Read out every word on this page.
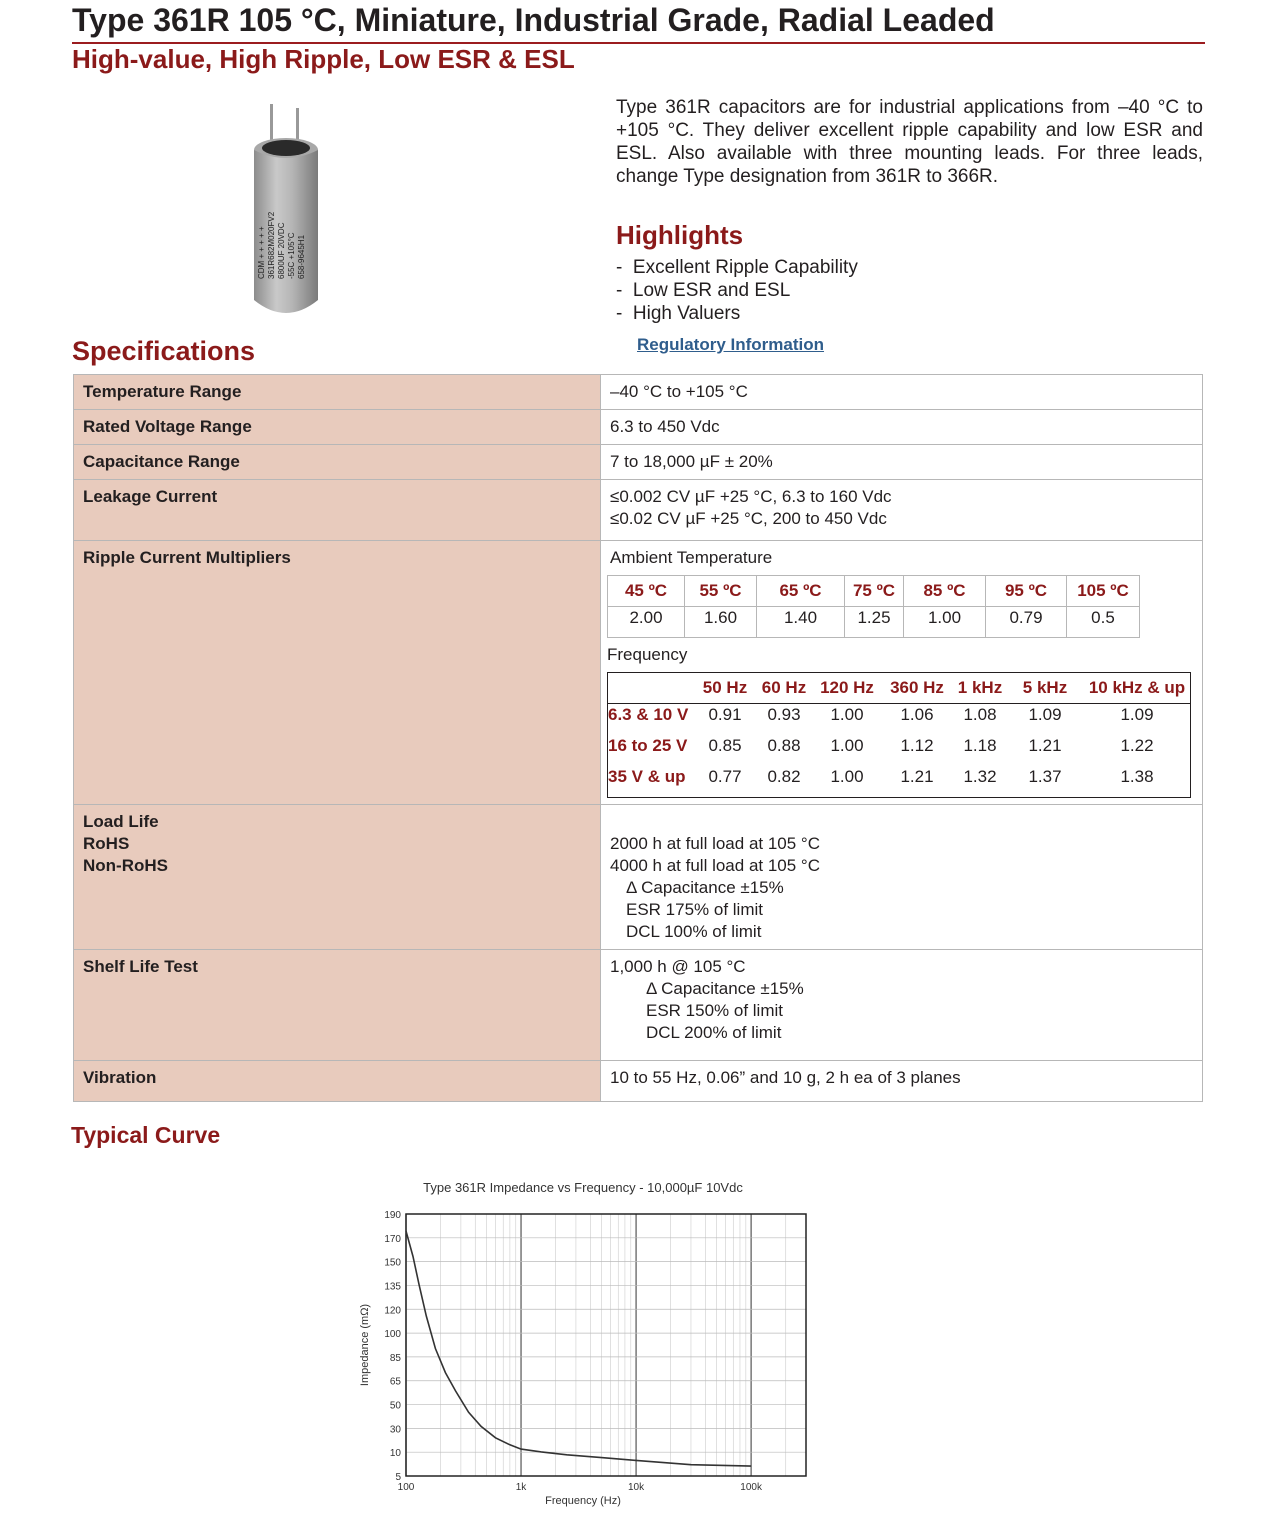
Type 361R 105 °C, Miniature, Industrial Grade, Radial Leaded
High-value, High Ripple, Low ESR & ESL
CDM + + + + + 361R682M020FV2 6800UF 20VDC -55C +105°C 658-9645H1
Type 361R capacitors are for industrial applications from –40 °C to +105 °C. They deliver excellent ripple capability and low ESR and ESL. Also available with three mounting leads. For three leads, change Type designation from 361R to 366R.
Highlights
- Excellent Ripple Capability
- Low ESR and ESL
- High Valuers
Regulatory Information
Specifications
Temperature Range	–40 °C to +105 °C
Rated Voltage Range	6.3 to 450 Vdc
Capacitance Range	7 to 18,000 µF ± 20%
Leakage Current	≤0.002 CV µF +25 °C, 6.3 to 160 Vdc
≤0.02 CV µF +25 °C, 200 to 450 Vdc

Ripple Current Multipliers	Ambient Temperature
45 ºC	55 ºC	65 ºC	75 ºC	85 ºC	95 ºC	105 ºC
2.00	1.60	1.40	1.25	1.00	0.79	0.5
Frequency
	50 Hz	60 Hz	120 Hz	360 Hz	1 kHz	5 kHz	10 kHz & up
6.3 & 10 V	0.91	0.93	1.00	1.06	1.08	1.09	1.09
16 to 25 V	0.85	0.88	1.00	1.12	1.18	1.21	1.22
35 V & up	0.77	0.82	1.00	1.21	1.32	1.37	1.38

Load Life
RoHS
Non-RoHS

2000 h at full load at 105 °C
4000 h at full load at 105 °C
Δ Capacitance ±15%
ESR 175% of limit
DCL 100% of limit

Shelf Life Test	1,000 h @ 105 °C
Δ Capacitance ±15%
ESR 150% of limit
DCL 200% of limit

Vibration	10 to 55 Hz, 0.06” and 10 g, 2 h ea of 3 planes
Typical Curve
Type 361R Impedance vs Frequency - 10,000µF 10Vdc
5
10
30
50
65
85
100
120
135
150
170
190
100	1k	10k	100k
Frequency (Hz)
Impedance (mΩ)
